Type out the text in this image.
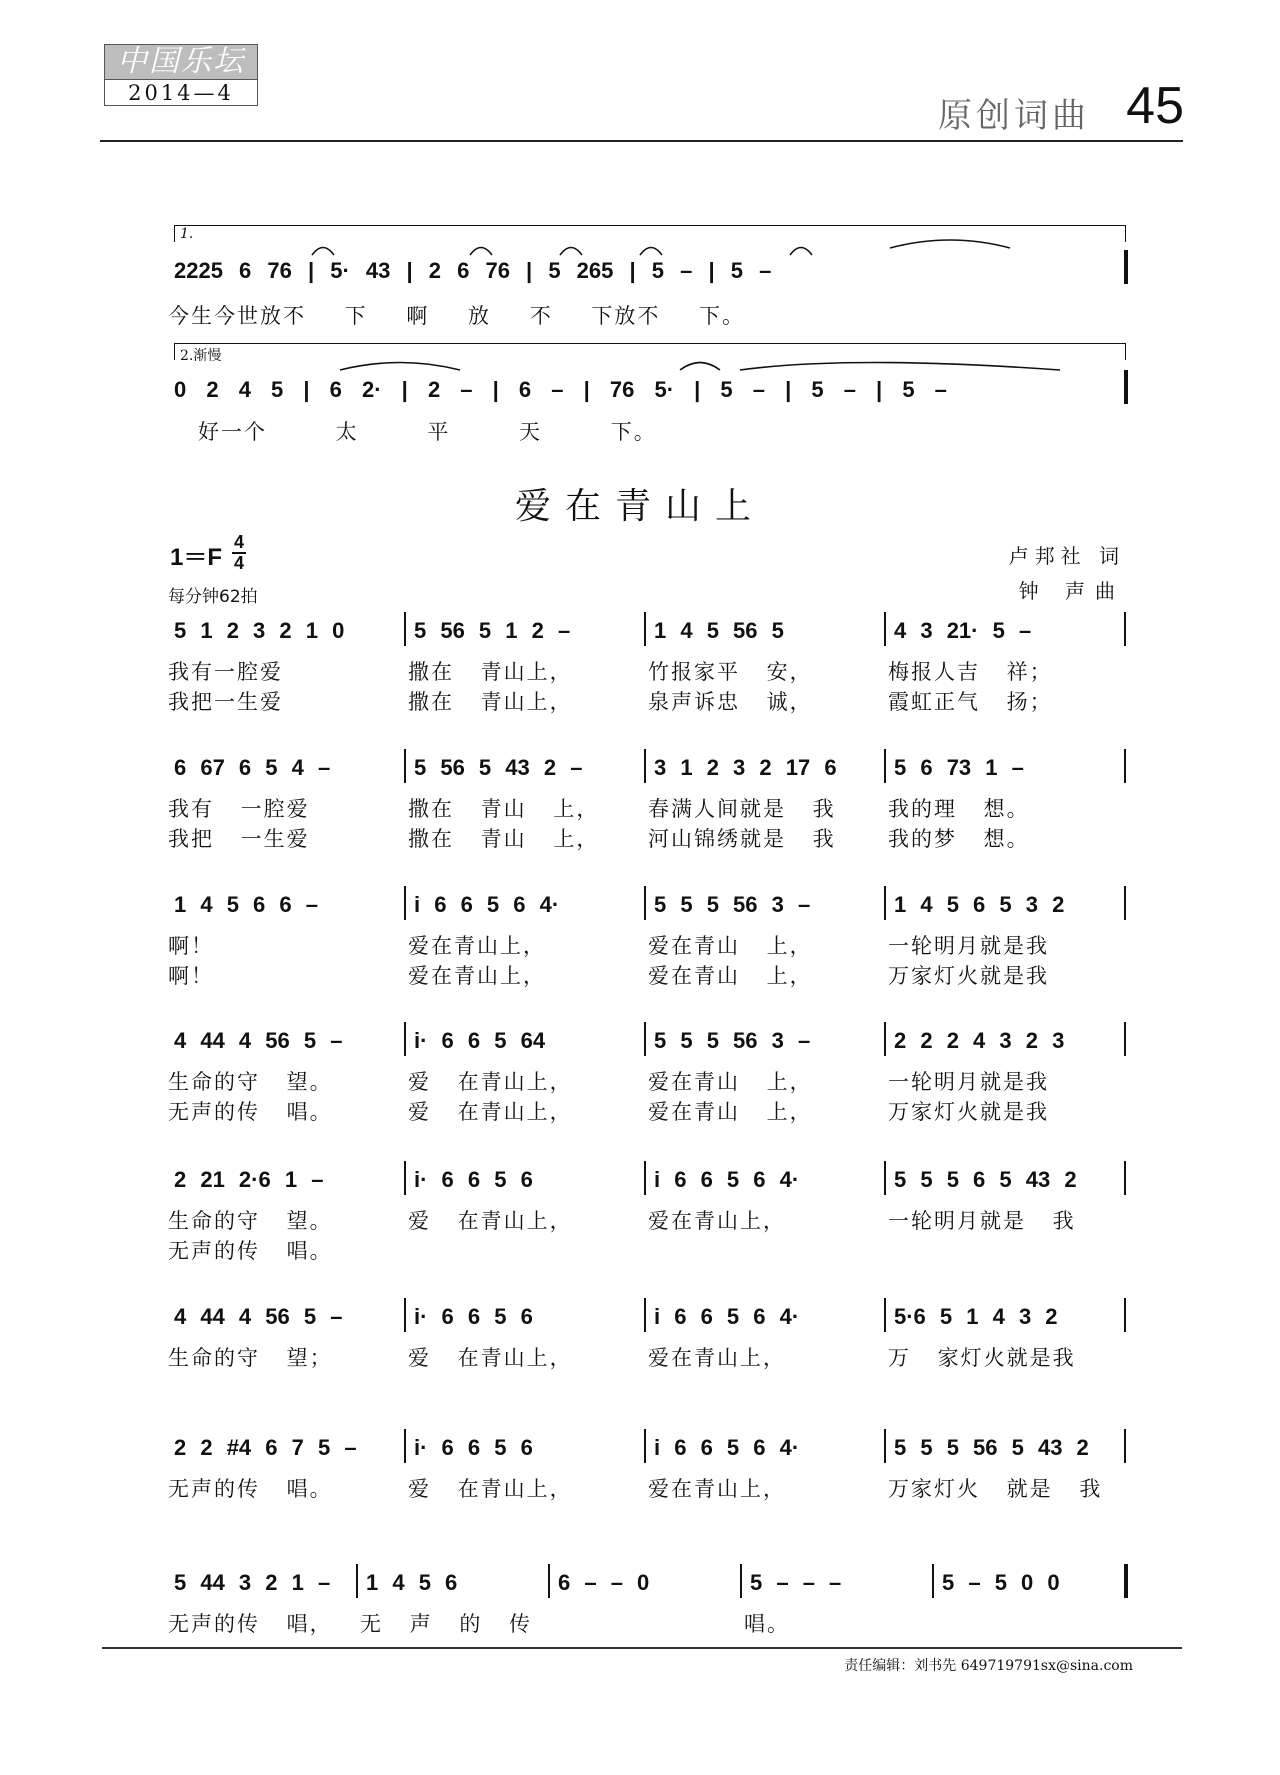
中国乐坛
2014—4
原创词曲 45
1.
2225 6 76 | 5· 43 | 2 6 76 | 5 265 | 5 – | 5 –
今生今世放不 下 啊 放 不 下放不 下。
2.渐慢
0 2 4 5 | 6 2· | 2 – | 6 – | 76 5· | 5 – | 5 – | 5 –
好一个 太 平 天 下。
爱在青山上
1＝F
4
4
每分钟62拍
卢邦社 词
钟 声曲
5 1 2 3 2 1 0
我有一腔爱
我把一生爱
5 56 5 1 2 –
撒在 青山上，
撒在 青山上，
1 4 5 56 5
竹报家平 安，
泉声诉忠 诚，
4 3 21· 5 –
梅报人吉 祥；
霞虹正气 扬；
6 67 6 5 4 –
我有 一腔爱
我把 一生爱
5 56 5 43 2 –
撒在 青山 上，
撒在 青山 上，
3 1 2 3 2 17 6
春满人间就是 我
河山锦绣就是 我
5 6 73 1 –
我的理 想。
我的梦 想。
1 4 5 6 6 –
啊！
啊！
i 6 6 5 6 4·
爱在青山上，
爱在青山上，
5 5 5 56 3 –
爱在青山 上，
爱在青山 上，
1 4 5 6 5 3 2
一轮明月就是我
万家灯火就是我
4 44 4 56 5 –
生命的守 望。
无声的传 唱。
i· 6 6 5 64
爱 在青山上，
爱 在青山上，
5 5 5 56 3 –
爱在青山 上，
爱在青山 上，
2 2 2 4 3 2 3
一轮明月就是我
万家灯火就是我
2 21 2·6 1 –
生命的守 望。
无声的传 唱。
i· 6 6 5 6
爱 在青山上，
i 6 6 5 6 4·
爱在青山上，
5 5 5 6 5 43 2
一轮明月就是 我
4 44 4 56 5 –
生命的守 望；
i· 6 6 5 6
爱 在青山上，
i 6 6 5 6 4·
爱在青山上，
5·6 5 1 4 3 2
万 家灯火就是我
2 2 #4 6 7 5 –
无声的传 唱。
i· 6 6 5 6
爱 在青山上，
i 6 6 5 6 4·
爱在青山上，
5 5 5 56 5 43 2
万家灯火 就是 我
5 44 3 2 1 –
无声的传 唱，
1 4 5 6
无 声 的 传
6 – – 0	5 – – –
唱。
5 – 5 0 0
责任编辑：刘书先 649719791sx@sina.com
